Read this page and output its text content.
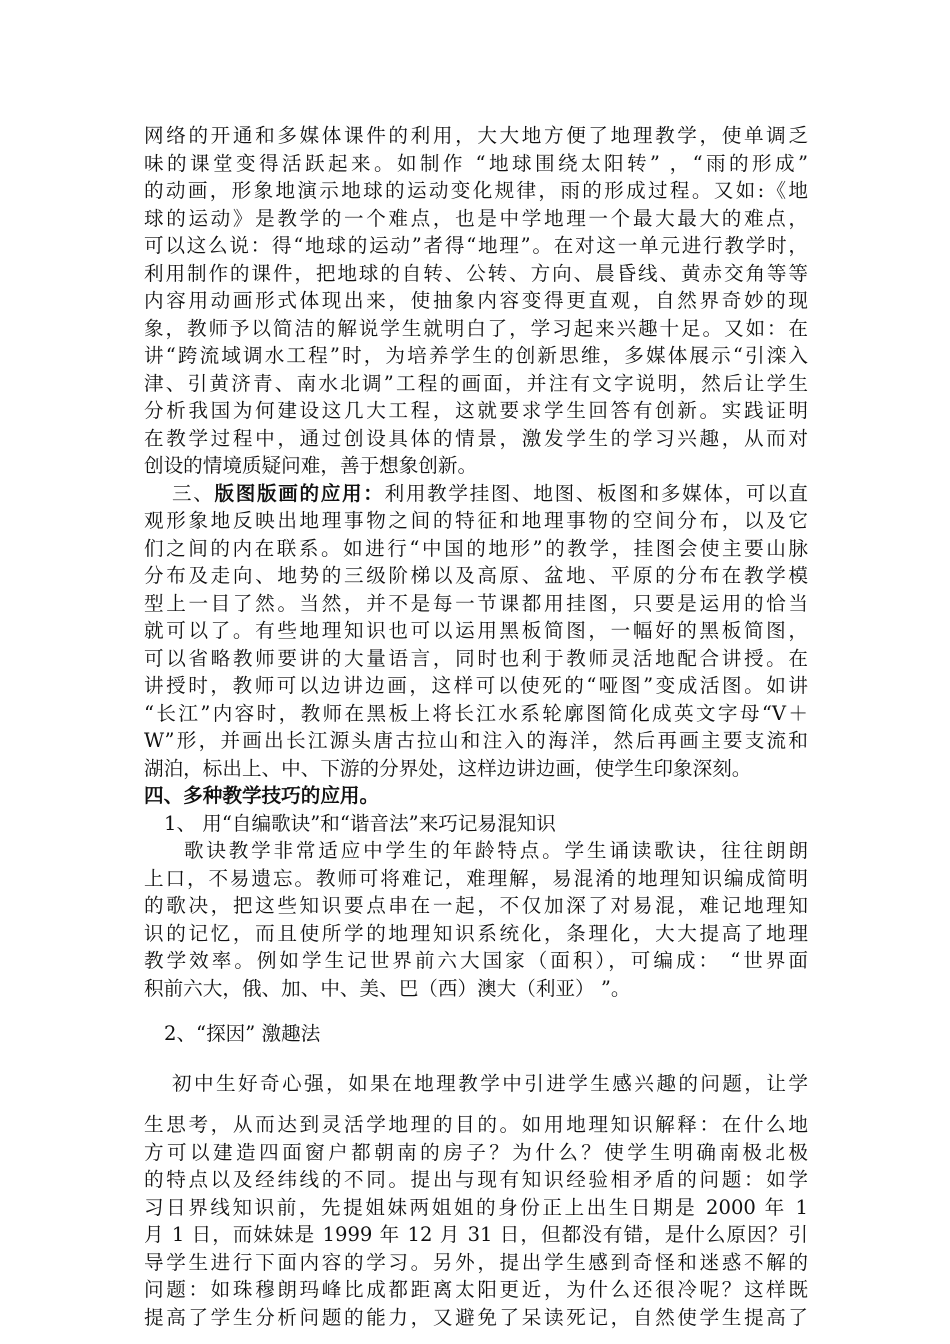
网络的开通和多媒体课件的利用，大大地方便了地理教学，使单调乏
味的课堂变得活跃起来。如制作 “地球围绕太阳转” ，“雨的形成”
的动画，形象地演示地球的运动变化规律，雨的形成过程。又如:《地
球的运动》是教学的一个难点，也是中学地理一个最大最大的难点，
可以这么说：得“地球的运动”者得“地理”。在对这一单元进行教学时，
利用制作的课件，把地球的自转、公转、方向、晨昏线、黄赤交角等等
内容用动画形式体现出来，使抽象内容变得更直观，自然界奇妙的现
象，教师予以简洁的解说学生就明白了，学习起来兴趣十足。又如：在
讲“跨流域调水工程”时，为培养学生的创新思维，多媒体展示“引滦入
津、引黄济青、南水北调”工程的画面，并注有文字说明，然后让学生
分析我国为何建设这几大工程，这就要求学生回答有创新。实践证明
在教学过程中，通过创设具体的情景，激发学生的学习兴趣，从而对
创设的情境质疑问难，善于想象创新。
三、版图版画的应用：利用教学挂图、地图、板图和多媒体，可以直
观形象地反映出地理事物之间的特征和地理事物的空间分布，以及它
们之间的内在联系。如进行“中国的地形”的教学，挂图会使主要山脉
分布及走向、地势的三级阶梯以及高原、盆地、平原的分布在教学模
型上一目了然。当然，并不是每一节课都用挂图，只要是运用的恰当
就可以了。有些地理知识也可以运用黑板简图，一幅好的黑板简图，
可以省略教师要讲的大量语言，同时也利于教师灵活地配合讲授。在
讲授时，教师可以边讲边画，这样可以使死的“哑图”变成活图。如讲
“长江”内容时，教师在黑板上将长江水系轮廓图简化成英文字母“V＋
W”形，并画出长江源头唐古拉山和注入的海洋，然后再画主要支流和
湖泊，标出上、中、下游的分界处，这样边讲边画，使学生印象深刻。
四、多种教学技巧的应用。
1、 用“自编歌诀”和“谐音法”来巧记易混知识
歌诀教学非常适应中学生的年龄特点。学生诵读歌诀，往往朗朗
上口，不易遗忘。教师可将难记，难理解，易混淆的地理知识编成简明
的歌决，把这些知识要点串在一起，不仅加深了对易混，难记地理知
识的记忆，而且使所学的地理知识系统化，条理化，大大提高了地理
教学效率。例如学生记世界前六大国家（面积），可编成： “世界面
积前六大，俄、加、中、美、巴（西）澳大（利亚） ”。
2、“探因” 激趣法
初中生好奇心强，如果在地理教学中引进学生感兴趣的问题，让学
生思考，从而达到灵活学地理的目的。如用地理知识解释：在什么地
方可以建造四面窗户都朝南的房子？为什么？使学生明确南极北极
的特点以及经纬线的不同。提出与现有知识经验相矛盾的问题：如学
习日界线知识前，先提姐妹两姐姐的身份正上出生日期是 2000 年 1
月 1 日，而妹妹是 1999 年 12 月 31 日，但都没有错，是什么原因？引
导学生进行下面内容的学习。另外，提出学生感到奇怪和迷惑不解的
问题：如珠穆朗玛峰比成都距离太阳更近，为什么还很冷呢？这样既
提高了学生分析问题的能力，又避免了呆读死记，自然使学生提高了
